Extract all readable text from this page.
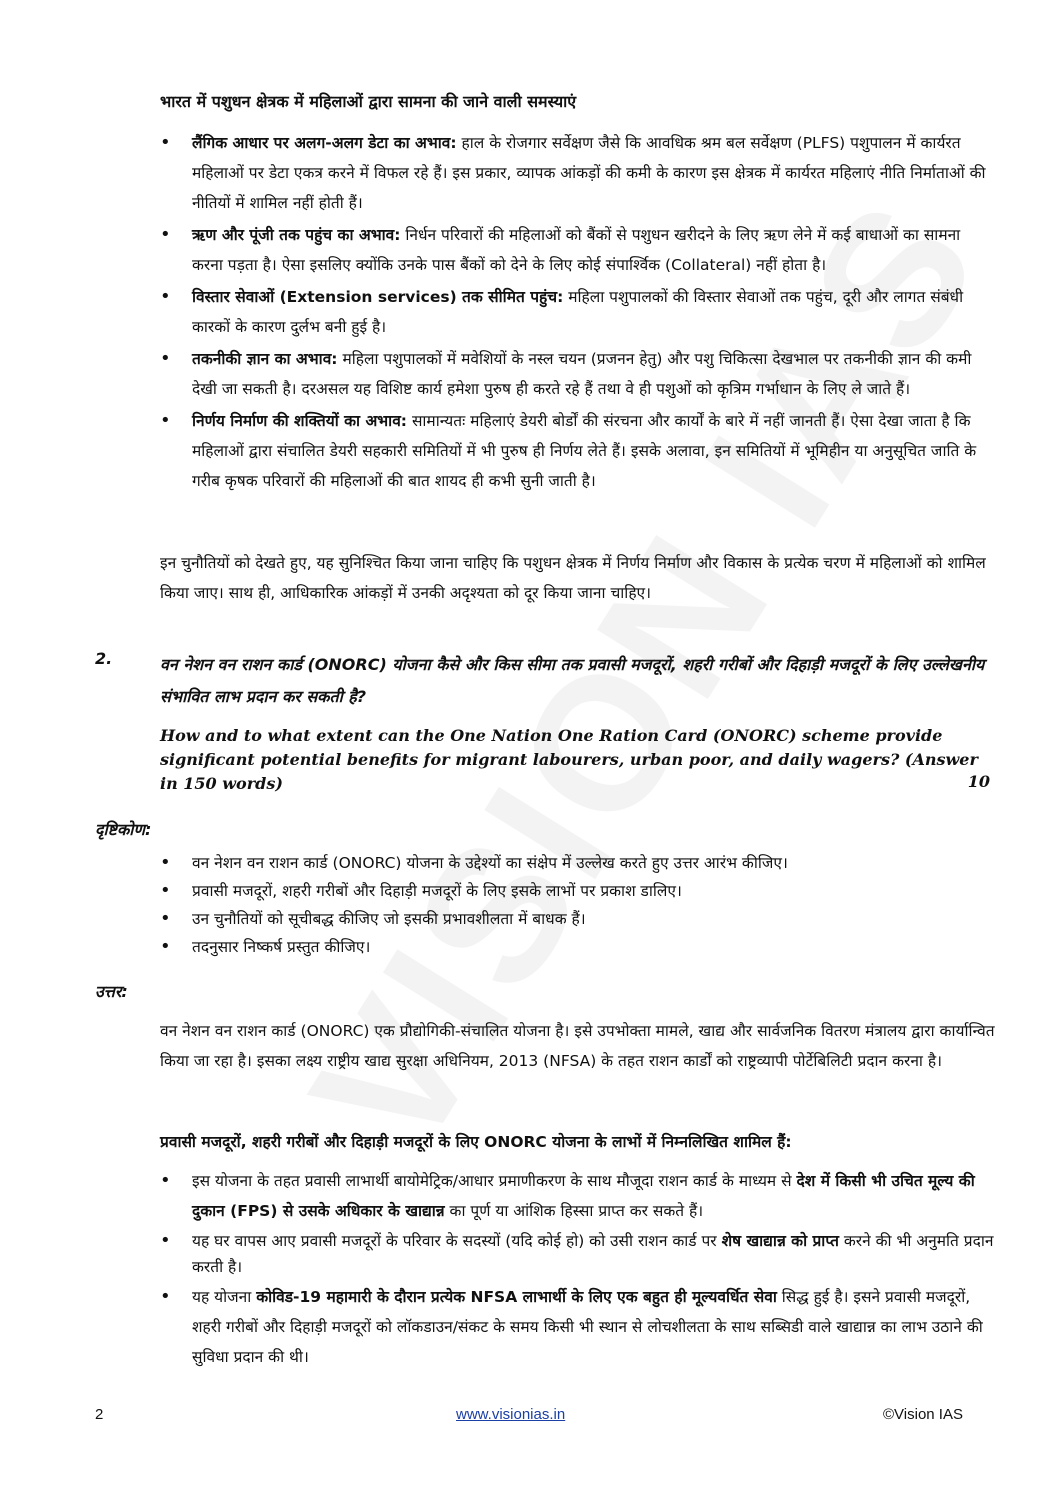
भारत में पशुधन क्षेत्रक में महिलाओं द्वारा सामना की जाने वाली समस्याएं
• लैंगिक आधार पर अलग-अलग डेटा का अभाव: हाल के रोजगार सर्वेक्षण जैसे कि आवधिक श्रम बल सर्वेक्षण (PLFS) पशुपालन में कार्यरत महिलाओं पर डेटा एकत्र करने में विफल रहे हैं। इस प्रकार, व्यापक आंकड़ों की कमी के कारण इस क्षेत्रक में कार्यरत महिलाएं नीति निर्माताओं की नीतियों में शामिल नहीं होती हैं।
• ऋण और पूंजी तक पहुंच का अभाव: निर्धन परिवारों की महिलाओं को बैंकों से पशुधन खरीदने के लिए ऋण लेने में कई बाधाओं का सामना करना पड़ता है। ऐसा इसलिए क्योंकि उनके पास बैंकों को देने के लिए कोई संपार्श्विक (Collateral) नहीं होता है।
• विस्तार सेवाओं (Extension services) तक सीमित पहुंच: महिला पशुपालकों की विस्तार सेवाओं तक पहुंच, दूरी और लागत संबंधी कारकों के कारण दुर्लभ बनी हुई है।
• तकनीकी ज्ञान का अभाव: महिला पशुपालकों में मवेशियों के नस्ल चयन (प्रजनन हेतु) और पशु चिकित्सा देखभाल पर तकनीकी ज्ञान की कमी देखी जा सकती है। दरअसल यह विशिष्ट कार्य हमेशा पुरुष ही करते रहे हैं तथा वे ही पशुओं को कृत्रिम गर्भाधान के लिए ले जाते हैं।
• निर्णय निर्माण की शक्तियों का अभाव: सामान्यतः महिलाएं डेयरी बोर्डों की संरचना और कार्यों के बारे में नहीं जानती हैं। ऐसा देखा जाता है कि महिलाओं द्वारा संचालित डेयरी सहकारी समितियों में भी पुरुष ही निर्णय लेते हैं। इसके अलावा, इन समितियों में भूमिहीन या अनुसूचित जाति के गरीब कृषक परिवारों की महिलाओं की बात शायद ही कभी सुनी जाती है।
इन चुनौतियों को देखते हुए, यह सुनिश्चित किया जाना चाहिए कि पशुधन क्षेत्रक में निर्णय निर्माण और विकास के प्रत्येक चरण में महिलाओं को शामिल किया जाए। साथ ही, आधिकारिक आंकड़ों में उनकी अदृश्यता को दूर किया जाना चाहिए।
2.	वन नेशन वन राशन कार्ड (ONORC) योजना कैसे और किस सीमा तक प्रवासी मजदूरों, शहरी गरीबों और दिहाड़ी मजदूरों के लिए उल्लेखनीय संभावित लाभ प्रदान कर सकती है?
How and to what extent can the One Nation One Ration Card (ONORC) scheme provide significant potential benefits for migrant labourers, urban poor, and daily wagers? (Answer in 150 words)	10
दृष्टिकोण:
• वन नेशन वन राशन कार्ड (ONORC) योजना के उद्देश्यों का संक्षेप में उल्लेख करते हुए उत्तर आरंभ कीजिए।
• प्रवासी मजदूरों, शहरी गरीबों और दिहाड़ी मजदूरों के लिए इसके लाभों पर प्रकाश डालिए।
• उन चुनौतियों को सूचीबद्ध कीजिए जो इसकी प्रभावशीलता में बाधक हैं।
• तदनुसार निष्कर्ष प्रस्तुत कीजिए।
उत्तर:
वन नेशन वन राशन कार्ड (ONORC) एक प्रौद्योगिकी-संचालित योजना है। इसे उपभोक्ता मामले, खाद्य और सार्वजनिक वितरण मंत्रालय द्वारा कार्यान्वित किया जा रहा है। इसका लक्ष्य राष्ट्रीय खाद्य सुरक्षा अधिनियम, 2013 (NFSA) के तहत राशन कार्डों को राष्ट्रव्यापी पोर्टेबिलिटी प्रदान करना है।
प्रवासी मजदूरों, शहरी गरीबों और दिहाड़ी मजदूरों के लिए ONORC योजना के लाभों में निम्नलिखित शामिल हैं:
• इस योजना के तहत प्रवासी लाभार्थी बायोमेट्रिक/आधार प्रमाणीकरण के साथ मौजूदा राशन कार्ड के माध्यम से देश में किसी भी उचित मूल्य की दुकान (FPS) से उसके अधिकार के खाद्यान्न का पूर्ण या आंशिक हिस्सा प्राप्त कर सकते हैं।
• यह घर वापस आए प्रवासी मजदूरों के परिवार के सदस्यों (यदि कोई हो) को उसी राशन कार्ड पर शेष खाद्यान्न को प्राप्त करने की भी अनुमति प्रदान करती है।
• यह योजना कोविड-19 महामारी के दौरान प्रत्येक NFSA लाभार्थी के लिए एक बहुत ही मूल्यवर्धित सेवा सिद्ध हुई है। इसने प्रवासी मजदूरों, शहरी गरीबों और दिहाड़ी मजदूरों को लॉकडाउन/संकट के समय किसी भी स्थान से लोचशीलता के साथ सब्सिडी वाले खाद्यान्न का लाभ उठाने की सुविधा प्रदान की थी।
2	www.visionias.in	©Vision IAS
